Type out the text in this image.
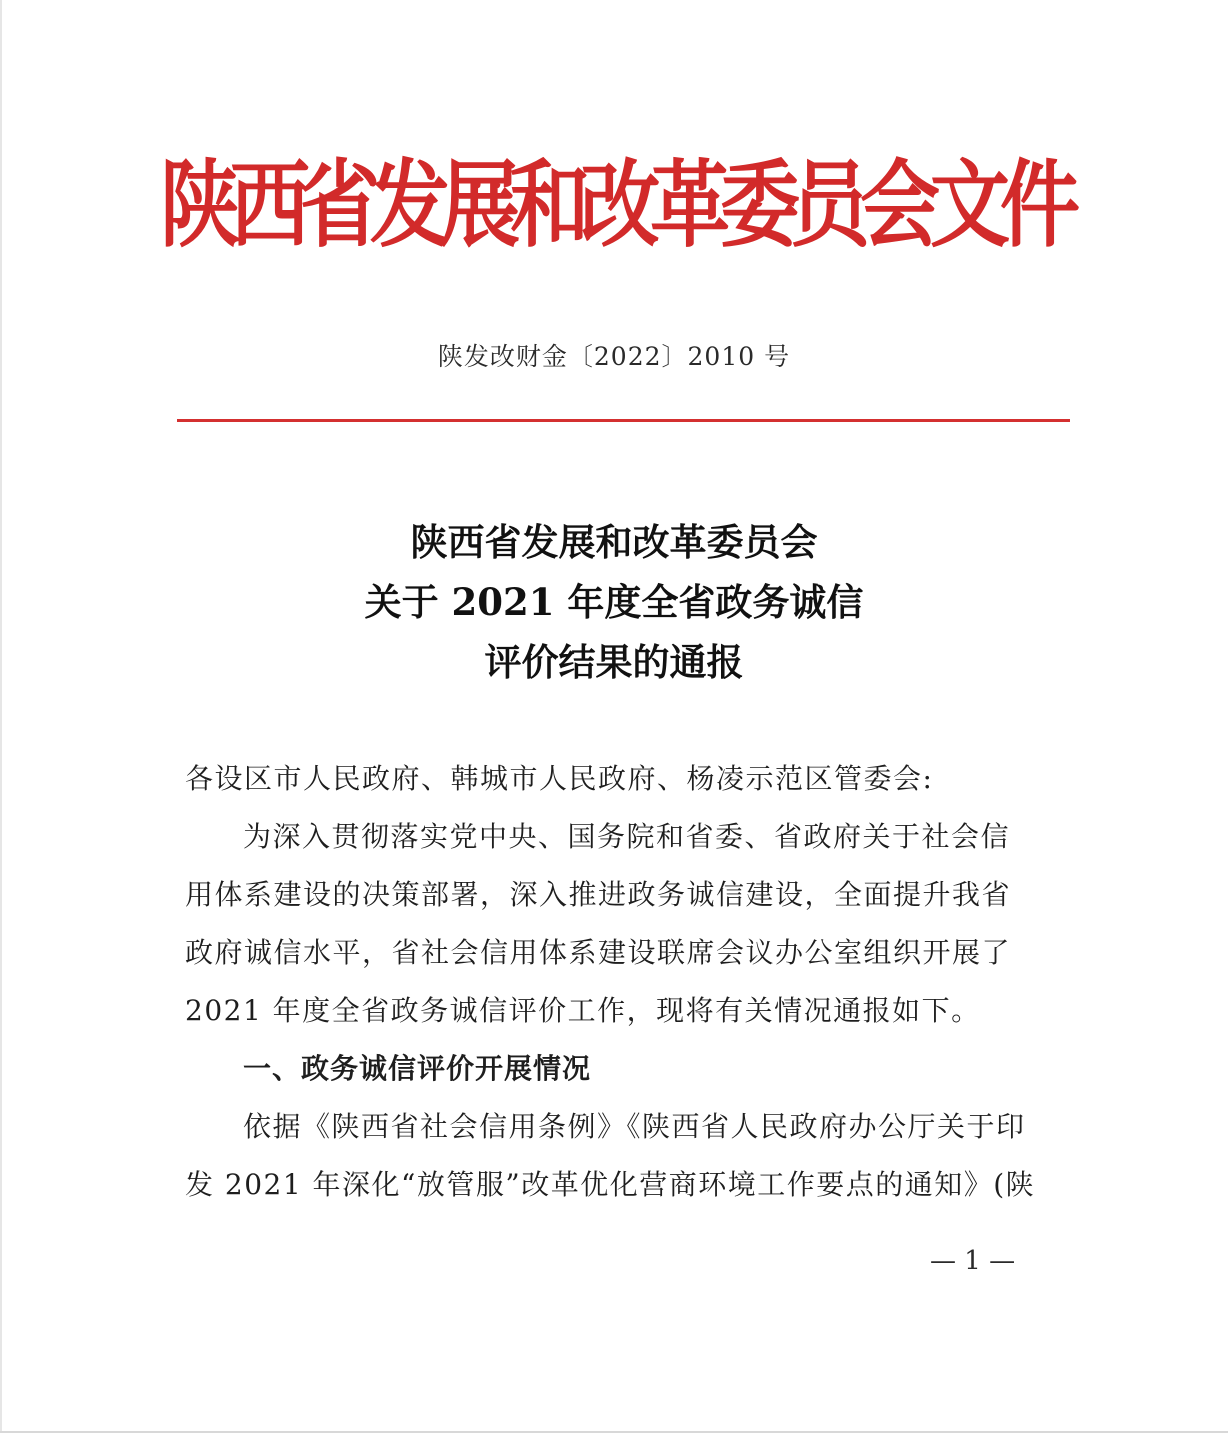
陕西省发展和改革委员会文件
陕发改财金〔2022〕2010 号
陕西省发展和改革委员会
关于 2021 年度全省政务诚信
评价结果的通报
各设区市人民政府、韩城市人民政府、杨凌示范区管委会:
为深入贯彻落实党中央、国务院和省委、省政府关于社会信
用体系建设的决策部署，深入推进政务诚信建设，全面提升我省
政府诚信水平，省社会信用体系建设联席会议办公室组织开展了
2021 年度全省政务诚信评价工作，现将有关情况通报如下。
一、政务诚信评价开展情况
依据《陕西省社会信用条例》《陕西省人民政府办公厅关于印
发 2021 年深化“放管服”改革优化营商环境工作要点的通知》(陕
— 1 —
